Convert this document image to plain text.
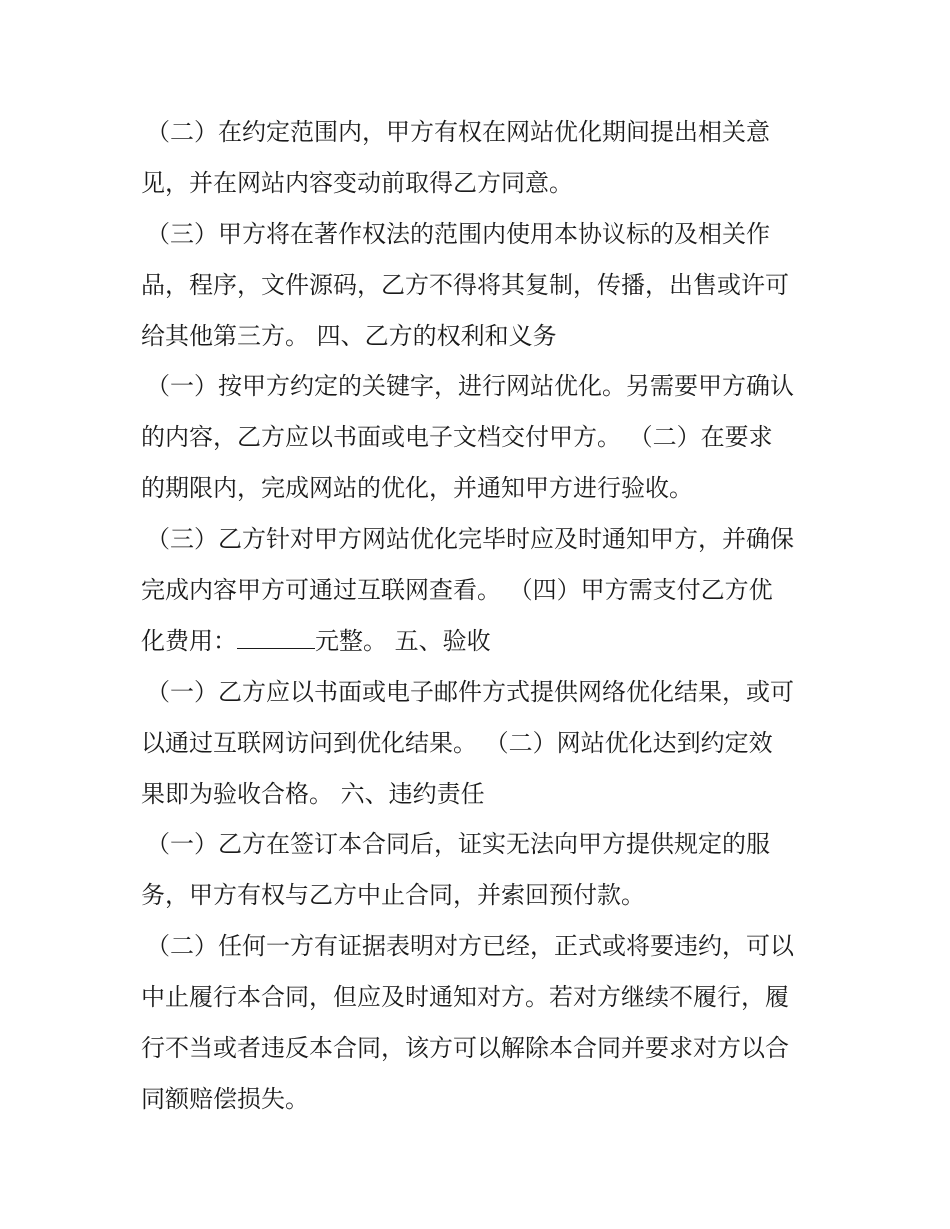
（二）在约定范围内，甲方有权在网站优化期间提出相关意
见，并在网站内容变动前取得乙方同意。
（三）甲方将在著作权法的范围内使用本协议标的及相关作
品，程序，文件源码，乙方不得将其复制，传播，出售或许可
给其他第三方。 四、乙方的权利和义务
（一）按甲方约定的关键字，进行网站优化。另需要甲方确认
的内容，乙方应以书面或电子文档交付甲方。 （二）在要求
的期限内，完成网站的优化，并通知甲方进行验收。
（三）乙方针对甲方网站优化完毕时应及时通知甲方，并确保
完成内容甲方可通过互联网查看。 （四）甲方需支付乙方优
化费用：	元整。 五、验收
（一）乙方应以书面或电子邮件方式提供网络优化结果，或可
以通过互联网访问到优化结果。 （二）网站优化达到约定效
果即为验收合格。 六、违约责任
（一）乙方在签订本合同后，证实无法向甲方提供规定的服
务，甲方有权与乙方中止合同，并索回预付款。
（二）任何一方有证据表明对方已经，正式或将要违约，可以
中止履行本合同，但应及时通知对方。若对方继续不履行，履
行不当或者违反本合同，该方可以解除本合同并要求对方以合
同额赔偿损失。
